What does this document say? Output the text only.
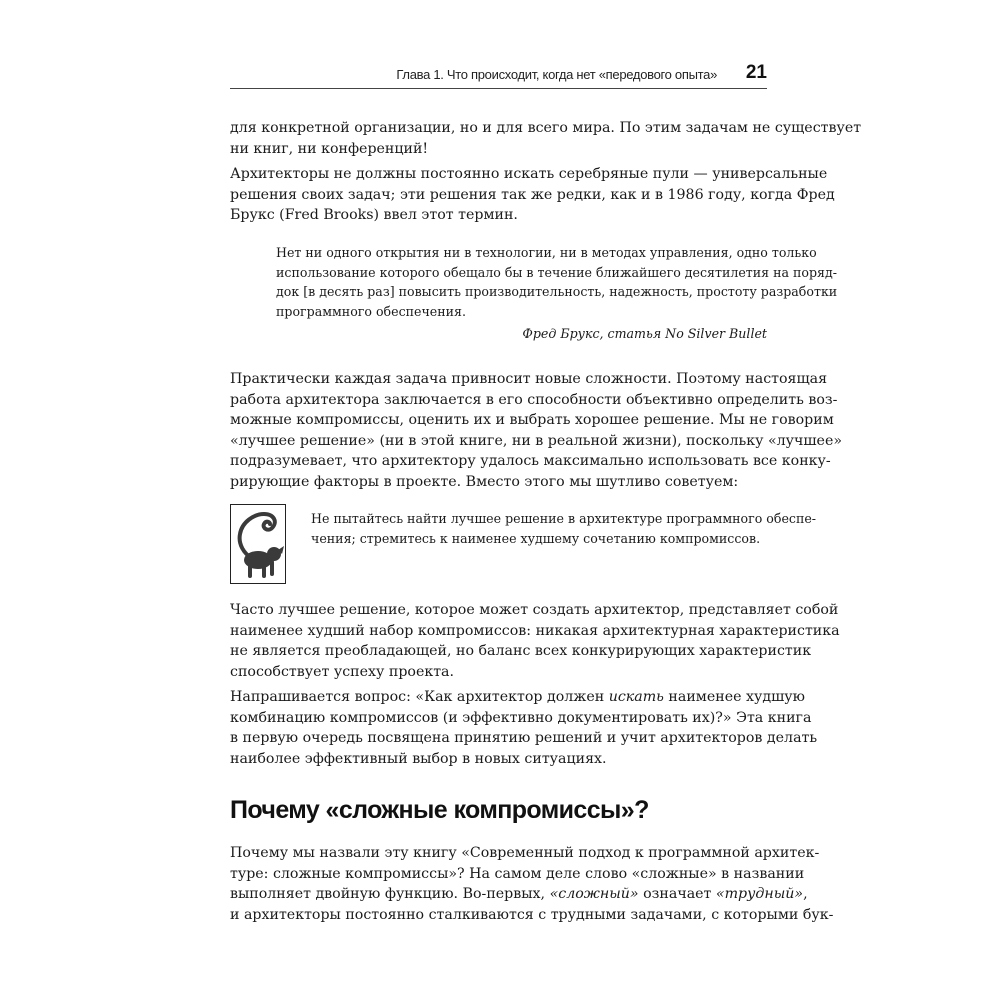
Глава 1. Что происходит, когда нет «передового опыта» 21

для конкретной организации, но и для всего мира. По этим задачам не существует
ни книг, ни конференций!

Архитекторы не должны постоянно искать серебряные пули — универсальные
решения своих задач; эти решения так же редки, как и в 1986 году, когда Фред
Брукс (Fred Brooks) ввел этот термин.

Нет ни одного открытия ни в технологии, ни в методах управления, одно только
использование которого обещало бы в течение ближайшего десятилетия на поряд-
док [в десять раз] повысить производительность, надежность, простоту разработки
программного обеспечения.

Фред Брукс, статья No Silver Bullet

Практически каждая задача привносит новые сложности. Поэтому настоящая
работа архитектора заключается в его способности объективно определить воз-
можные компромиссы, оценить их и выбрать хорошее решение. Мы не говорим
«лучшее решение» (ни в этой книге, ни в реальной жизни), поскольку «лучшее»
подразумевает, что архитектору удалось максимально использовать все конку-
рирующие факторы в проекте. Вместо этого мы шутливо советуем:

Не пытайтесь найти лучшее решение в архитектуре программного обеспе-
чения; стремитесь к наименее худшему сочетанию компромиссов.

Часто лучшее решение, которое может создать архитектор, представляет собой
наименее худший набор компромиссов: никакая архитектурная характеристика
не является преобладающей, но баланс всех конкурирующих характеристик
способствует успеху проекта.

Напрашивается вопрос: «Как архитектор должен искать наименее худшую
комбинацию компромиссов (и эффективно документировать их)?» Эта книга
в первую очередь посвящена принятию решений и учит архитекторов делать
наиболее эффективный выбор в новых ситуациях.

Почему «сложные компромиссы»?

Почему мы назвали эту книгу «Современный подход к программной архитек-
туре: сложные компромиссы»? На самом деле слово «сложные» в названии
выполняет двойную функцию. Во-первых, «сложный» означает «трудный»,
и архитекторы постоянно сталкиваются с трудными задачами, с которыми бук-
